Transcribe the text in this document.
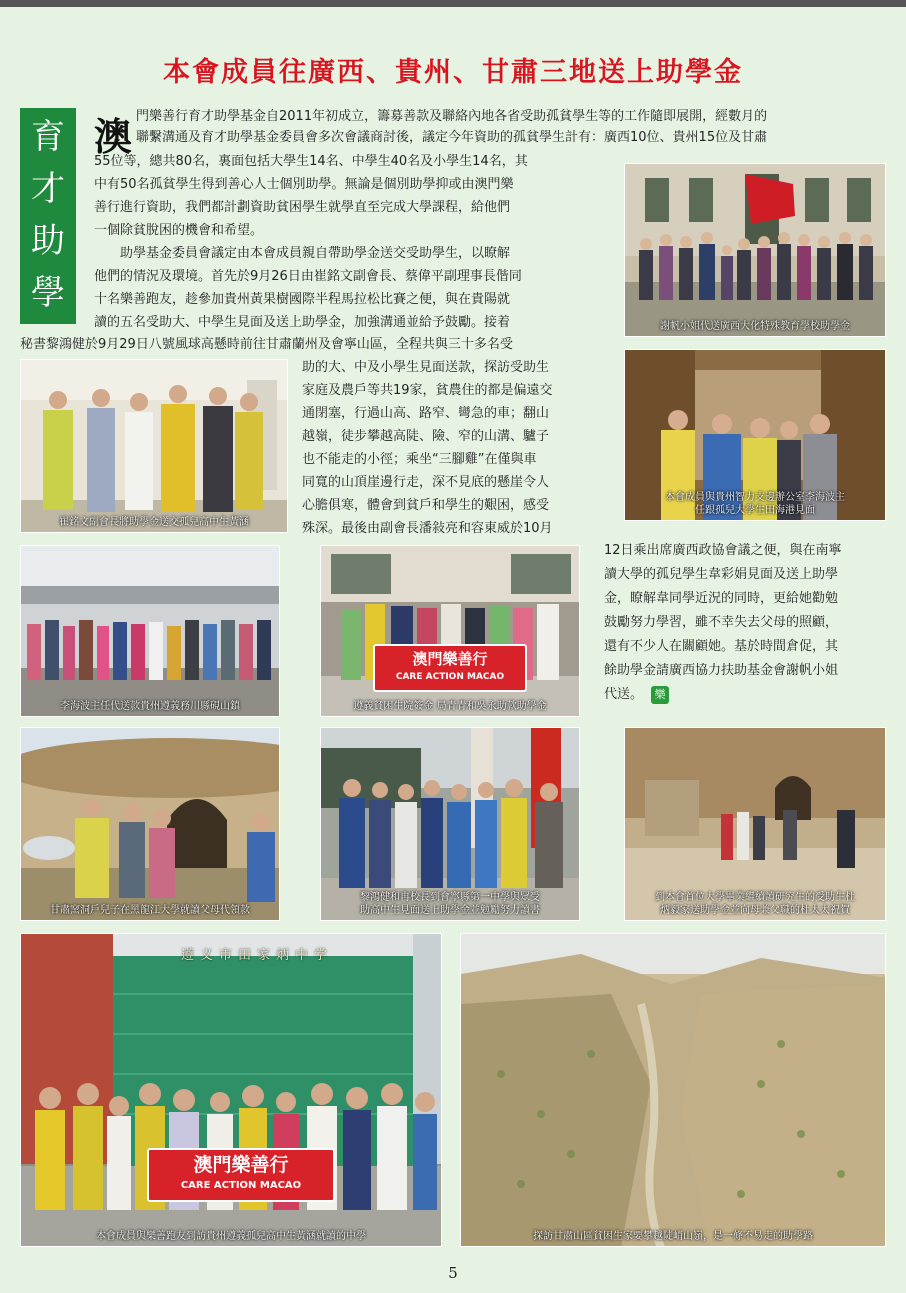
本會成員往廣西、貴州、甘肅三地送上助學金
育才助學
澳 門樂善行育才助學基金自2011年初成立，籌募善款及聯絡內地各省受助孤貧學生等的工作隨即展開，經數月的
聯繫溝通及育才助學基金委員會多次會議商討後，議定今年資助的孤貧學生計有：廣西10位、貴州15位及甘肅
55位等，總共80名，裏面包括大學生14名、中學生40名及小學生14名，其
中有50名孤貧學生得到善心人士個別助學。無論是個別助學抑或由澳門樂
善行進行資助，我們都計劃資助貧困學生就學直至完成大學課程，給他們
一個除貧脫困的機會和希望。
　　助學基金委員會議定由本會成員親自帶助學金送交受助學生，以瞭解
他們的情況及環境。首先於9月26日由崔銘文副會長、蔡偉平副理事長偕同
十名樂善跑友，趁參加貴州黃果樹國際半程馬拉松比賽之便，與在貴陽就
讀的五名受助大、中學生見面及送上助學金，加強溝通並給予鼓勵。接着
秘書黎鴻健於9月29日八號風球高懸時前往甘肅蘭州及會寧山區，全程共與三十多名受
助的大、中及小學生見面送款，探訪受助生
家庭及農戶等共19家，貧農住的都是偏遠交
通閉塞，行過山高、路窄、彎急的車；翻山
越嶺，徒步攀越高陡、險、窄的山溝、驢子
也不能走的小徑；乘坐“三腳雞”在僅與車
同寬的山頂崖邊行走，深不見底的懸崖令人
心膽俱寒，體會到貧戶和學生的艱困，感受
殊深。最後由副會長潘敍亮和容東威於10月
12日乘出席廣西政協會議之便，與在南寧
讀大學的孤兒學生韋彩娟見面及送上助學
金，瞭解韋同學近況的同時，更給她勸勉
鼓勵努力學習，雖不幸失去父母的照顧，
還有不少人在關顧她。基於時間倉促，其
餘助學金請廣西協力扶助基金會謝帆小姐
代送。 樂
謝帆小姐代送廣西大化特殊教育學校助學金
崔銘文副會長將助學金送交孤兒高中生黃涵
本會成員與貴州智力支邊辦公室李海波主
任跟孤兒大學生田海港見面
李海波主任代送款貴州遵義務川縣硯山鎮
澳門樂善行
CARE ACTION MACAO
遵義貧困生院簽金 局青青和吳永助款助學金
甘肅窯洞戶兒子在黑龍江大學就讀父母代領款
黎鴻健和冉校長到會寧縣第一中學與眾受
助高中生見面送上助學金並勉勵努力讀書
到本會首位大學畢業繼續讀研究生的受助生杜
炳毅家送助學金並向母兼父職的杜太太祝賀
遵义市田家炳中学
澳門樂善行
CARE ACTION MACAO
本會成員與樂善跑友到訪貴州遵義孤兒高中生黃涵就讀的中學	探訪甘肅山區貧困生家要攀越陡峭山嶺，是一條不易走的助學路
5
